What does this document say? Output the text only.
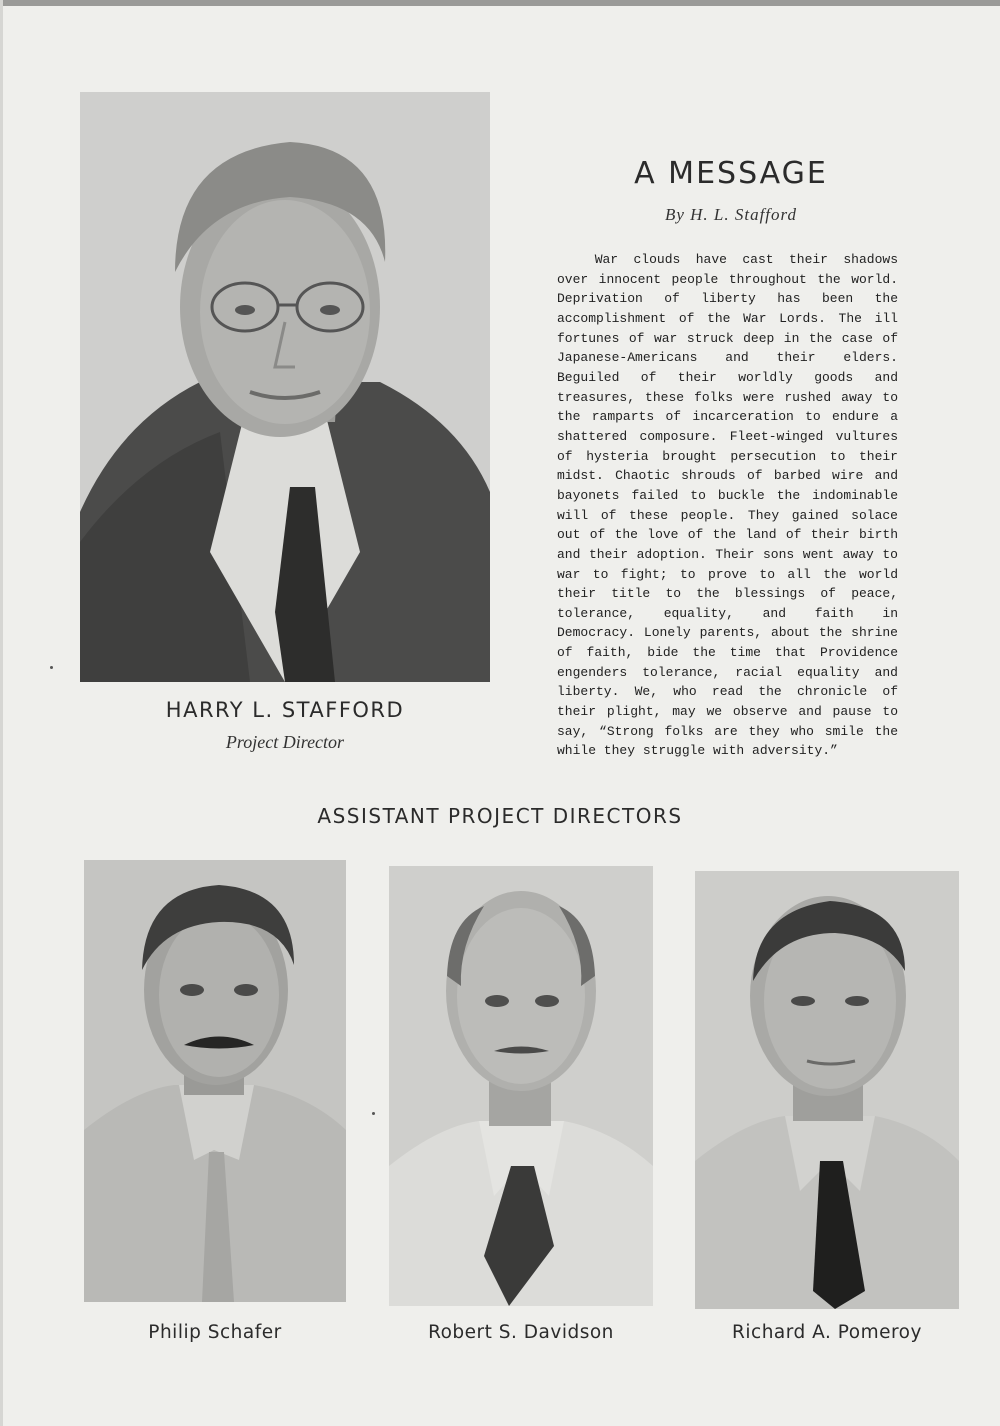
HARRY L. STAFFORD
Project Director
A MESSAGE
By H. L. Stafford

War clouds have cast their shadows over innocent people throughout the world. Deprivation of liberty has been the accomplishment of the War Lords. The ill fortunes of war struck deep in the case of Japanese-Americans and their elders. Beguiled of their worldly goods and treasures, these folks were rushed away to the ramparts of incarceration to endure a shattered composure. Fleet-winged vultures of hysteria brought persecution to their midst. Chaotic shrouds of barbed wire and bayonets failed to buckle the indominable will of these people. They gained solace out of the love of the land of their birth and their adoption. Their sons went away to war to fight; to prove to all the world their title to the blessings of peace, tolerance, equality, and faith in Democracy. Lonely parents, about the shrine of faith, bide the time that Providence engenders tolerance, racial equality and liberty. We, who read the chronicle of their plight, may we observe and pause to say, “Strong folks are they who smile the while they struggle with adversity.”

ASSISTANT PROJECT DIRECTORS
Philip Schafer	Robert S. Davidson	Richard A. Pomeroy
